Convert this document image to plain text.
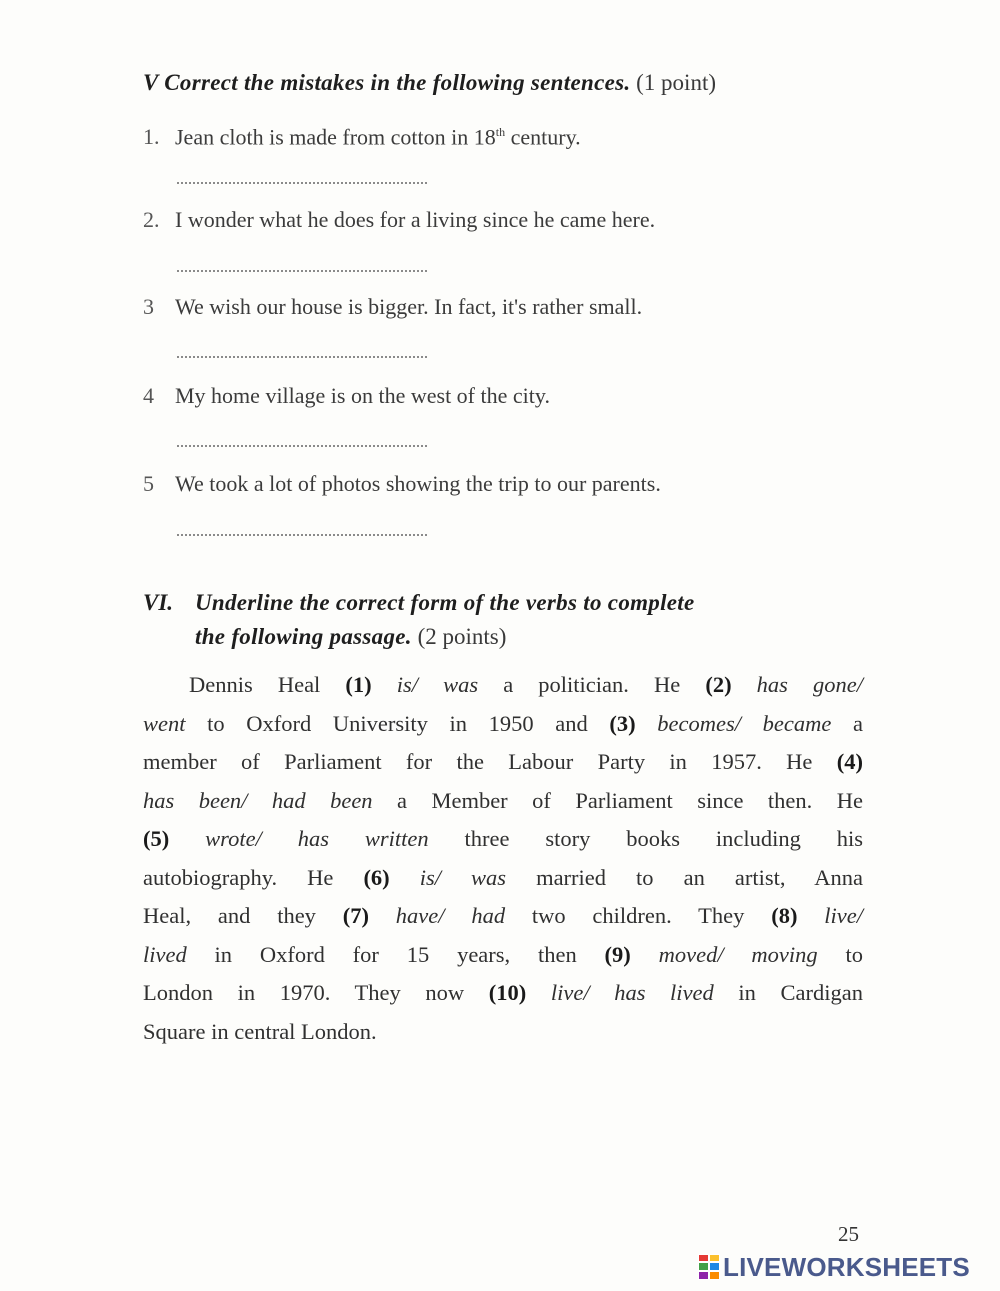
V Correct the mistakes in the following sentences. (1 point)
1. Jean cloth is made from cotton in 18th century.
2. I wonder what he does for a living since he came here.
3 We wish our house is bigger. In fact, it's rather small.
4 My home village is on the west of the city.
5 We took a lot of photos showing the trip to our parents.
VI. Underline the correct form of the verbs to complete
the following passage. (2 points)
Dennis Heal (1) is/ was a politician. He (2) has gone/
went to Oxford University in 1950 and (3) becomes/ became a
member of Parliament for the Labour Party in 1957. He (4)
has been/ had been a Member of Parliament since then. He
(5) wrote/ has written three story books including his
autobiography. He (6) is/ was married to an artist, Anna
Heal, and they (7) have/ had two children. They (8) live/
lived in Oxford for 15 years, then (9) moved/ moving to
London in 1970. They now (10) live/ has lived in Cardigan
Square in central London.
25
LIVEWORKSHEETS
